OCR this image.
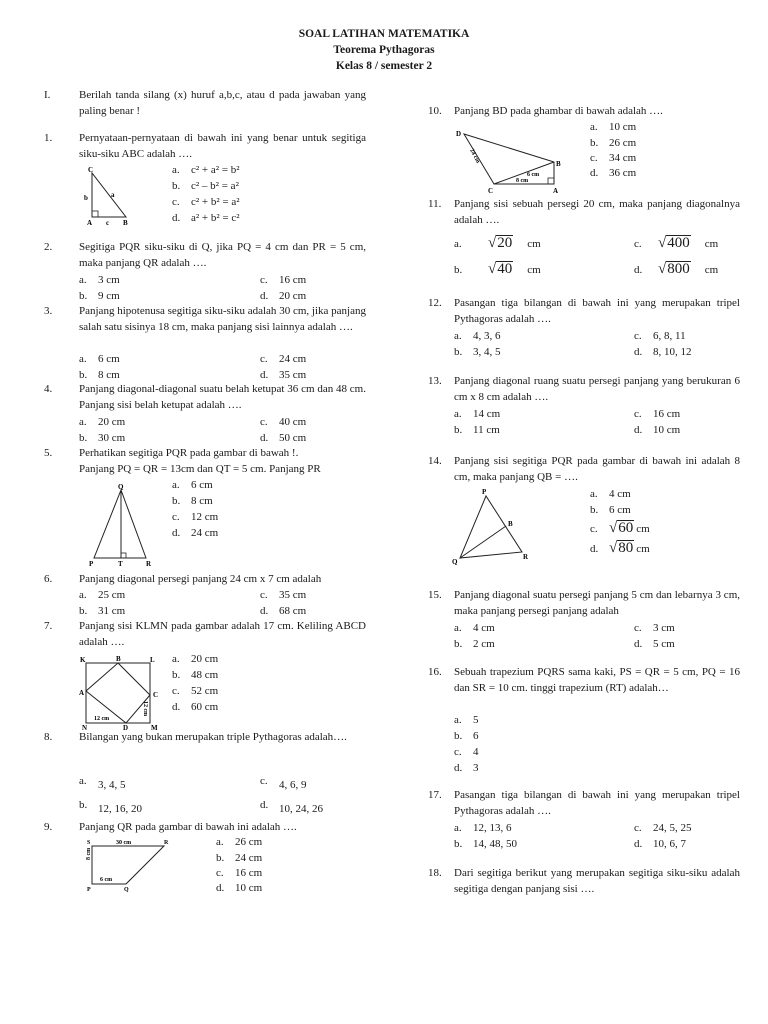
SOAL LATIHAN MATEMATIKA
Teorema Pythagoras
Kelas 8 / semester 2
I.	Berilah tanda silang (x) huruf a,b,c, atau d pada jawaban yang paling benar !
1.	Pernyataan-pernyataan di bawah ini yang benar untuk segitiga siku-siku ABC adalah ….
C
b	a
A c B
a. c² + a² = b²
b. c² – b² = a²
c. c² + b² = a²
d. a² + b² = c²
2.	Segitiga PQR siku-siku di Q, jika PQ = 4 cm dan PR = 5 cm, maka panjang QR adalah ….
a. 3 cm	c. 16 cm
b. 9 cm	d. 20 cm
3.	Panjang hipotenusa segitiga siku-siku adalah 30 cm, jika panjang salah satu sisinya 18 cm, maka panjang sisi lainnya adalah ….
a. 6 cm	c. 24 cm
b. 8 cm	d. 35 cm
4.	Panjang diagonal-diagonal suatu belah ketupat 36 cm dan 48 cm. Panjang sisi belah ketupat adalah ….
a. 20 cm	c. 40 cm
b. 30 cm	d. 50 cm
5.	Perhatikan segitiga PQR pada gambar di bawah !.
Panjang PQ = QR = 13cm dan QT = 5 cm. Panjang PR
Q
P	T	R
a. 6 cm
b. 8 cm
c. 12 cm
d. 24 cm
6.	Panjang diagonal persegi panjang 24 cm x 7 cm adalah
a. 25 cm	c. 35 cm
b. 31 cm	d. 68 cm
7.	Panjang sisi KLMN pada gambar adalah 17 cm. Keliling ABCD adalah ….
K	B	L
A	C
N	D	M
12 cm
12 cm
a. 20 cm
b. 48 cm
c. 52 cm
d. 60 cm
8.	Bilangan yang bukan merupakan triple Pythagoras adalah….
a. 3, 4, 5	c. 4, 6, 9
b. 12, 16, 20	d. 10, 24, 26
9.	Panjang QR pada gambar di bawah ini adalah ….
S	30 cm	R
8 cm
6 cm
P	Q
a. 26 cm
b. 24 cm
c. 16 cm
d. 10 cm
10.	Panjang BD pada ghambar di bawah adalah ….
D
B
C	A
24 cm
8 cm
6 cm
a. 10 cm
b. 26 cm
c. 34 cm
d. 36 cm
11.	Panjang sisi sebuah persegi 20 cm, maka panjang diagonalnya adalah ….
a. √20 cm	c. √400 cm
b. √40 cm	d. √800 cm
12.	Pasangan tiga bilangan di bawah ini yang merupakan tripel Pythagoras adalah ….
a. 4, 3, 6	c. 6, 8, 11
b. 3, 4, 5	d. 8, 10, 12
13.	Panjang diagonal ruang suatu persegi panjang yang berukuran 6 cm x 8 cm adalah ….
a. 14 cm	c. 16 cm
b. 11 cm	d. 10 cm
14.	Panjang sisi segitiga PQR pada gambar di bawah ini adalah 8 cm, maka panjang QB = ….
P
B
Q
R
a. 4 cm
b. 6 cm
c. √60 cm
d. √80 cm
15.	Panjang diagonal suatu persegi panjang 5 cm dan lebarnya 3 cm, maka panjang persegi panjang adalah
a. 4 cm	c. 3 cm
b. 2 cm	d. 5 cm
16.	Sebuah trapezium PQRS sama kaki, PS = QR = 5 cm, PQ = 16 dan SR = 10 cm. tinggi trapezium (RT) adalah…
a. 5
b. 6
c. 4
d. 3
17.	Pasangan tiga bilangan di bawah ini yang merupakan tripel Pythagoras adalah ….
a. 12, 13, 6	c. 24, 5, 25
b. 14, 48, 50	d. 10, 6, 7
18.	Dari segitiga berikut yang merupakan segitiga siku-siku adalah segitiga dengan panjang sisi ….
